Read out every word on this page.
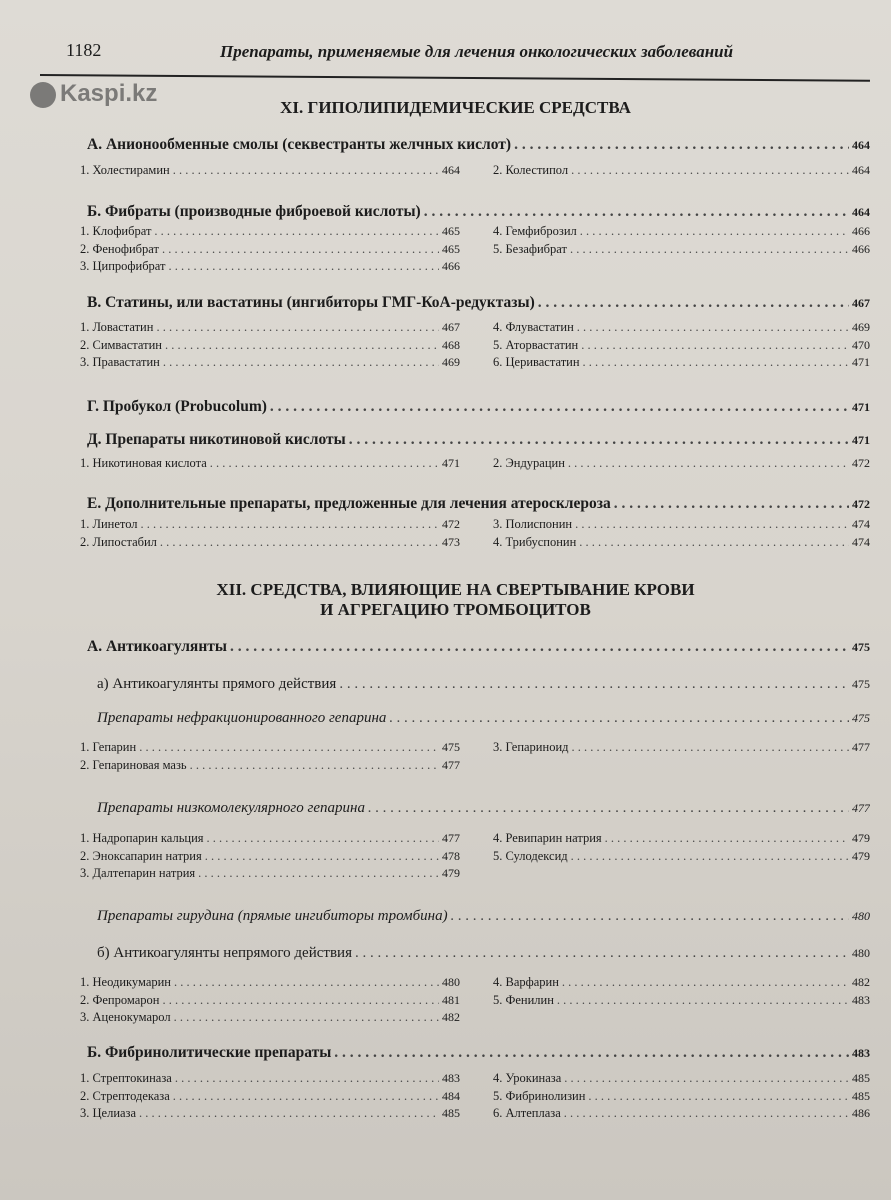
Kaspi.kz
1182	Препараты, применяемые для лечения онкологических заболеваний
XI. ГИПОЛИПИДЕМИЧЕСКИЕ СРЕДСТВА
А. Анионообменные смолы (секвестранты желчных кислот) . . .	464
1. Холестирамин . . .	464	2. Колестипол . . .	464
Б. Фибраты (производные фиброевой кислоты) . . .	464
1. Клофибрат . . .	465
2. Фенофибрат . . .	465
3. Ципрофибрат . . .	466
4. Гемфиброзил . . .	466
5. Безафибрат . . .	466
В. Статины, или вастатины (ингибиторы ГМГ-КоА-редуктазы) . . .	467
1. Ловастатин . . .	467
2. Симвастатин . . .	468
3. Правастатин . . .	469
4. Флувастатин . . .	469
5. Аторвастатин . . .	470
6. Церивастатин . . .	471
Г. Пробукол (Probucolum) . . .	471
Д. Препараты никотиновой кислоты . . .	471
1. Никотиновая кислота . . .	471	2. Эндурацин . . .	472
Е. Дополнительные препараты, предложенные для лечения атеросклероза . . .	472
1. Линетол . . .	472
2. Липостабил . . .	473
3. Полиспонин . . .	474
4. Трибуспонин . . .	474
XII. СРЕДСТВА, ВЛИЯЮЩИЕ НА СВЕРТЫВАНИЕ КРОВИ
И АГРЕГАЦИЮ ТРОМБОЦИТОВ
А. Антикоагулянты . . .	475
а) Антикоагулянты прямого действия . . .	475
Препараты нефракционированного гепарина . . .	475
1. Гепарин . . .	475
2. Гепариновая мазь . . .	477
3. Гепариноид . . .	477
Препараты низкомолекулярного гепарина . . .	477
1. Надропарин кальция . . .	477
2. Эноксапарин натрия . . .	478
3. Далтепарин натрия . . .	479
4. Ревипарин натрия . . .	479
5. Сулодексид . . .	479
Препараты гирудина (прямые ингибиторы тромбина) . . .	480
б) Антикоагулянты непрямого действия . . .	480
1. Неодикумарин . . .	480
2. Фепромарон . . .	481
3. Аценокумарол . . .	482
4. Варфарин . . .	482
5. Фенилин . . .	483
Б. Фибринолитические препараты . . .	483
1. Стрептокиназа . . .	483
2. Стрептодеказа . . .	484
3. Целиаза . . .	485
4. Урокиназа . . .	485
5. Фибринолизин . . .	485
6. Алтеплаза . . .	486
